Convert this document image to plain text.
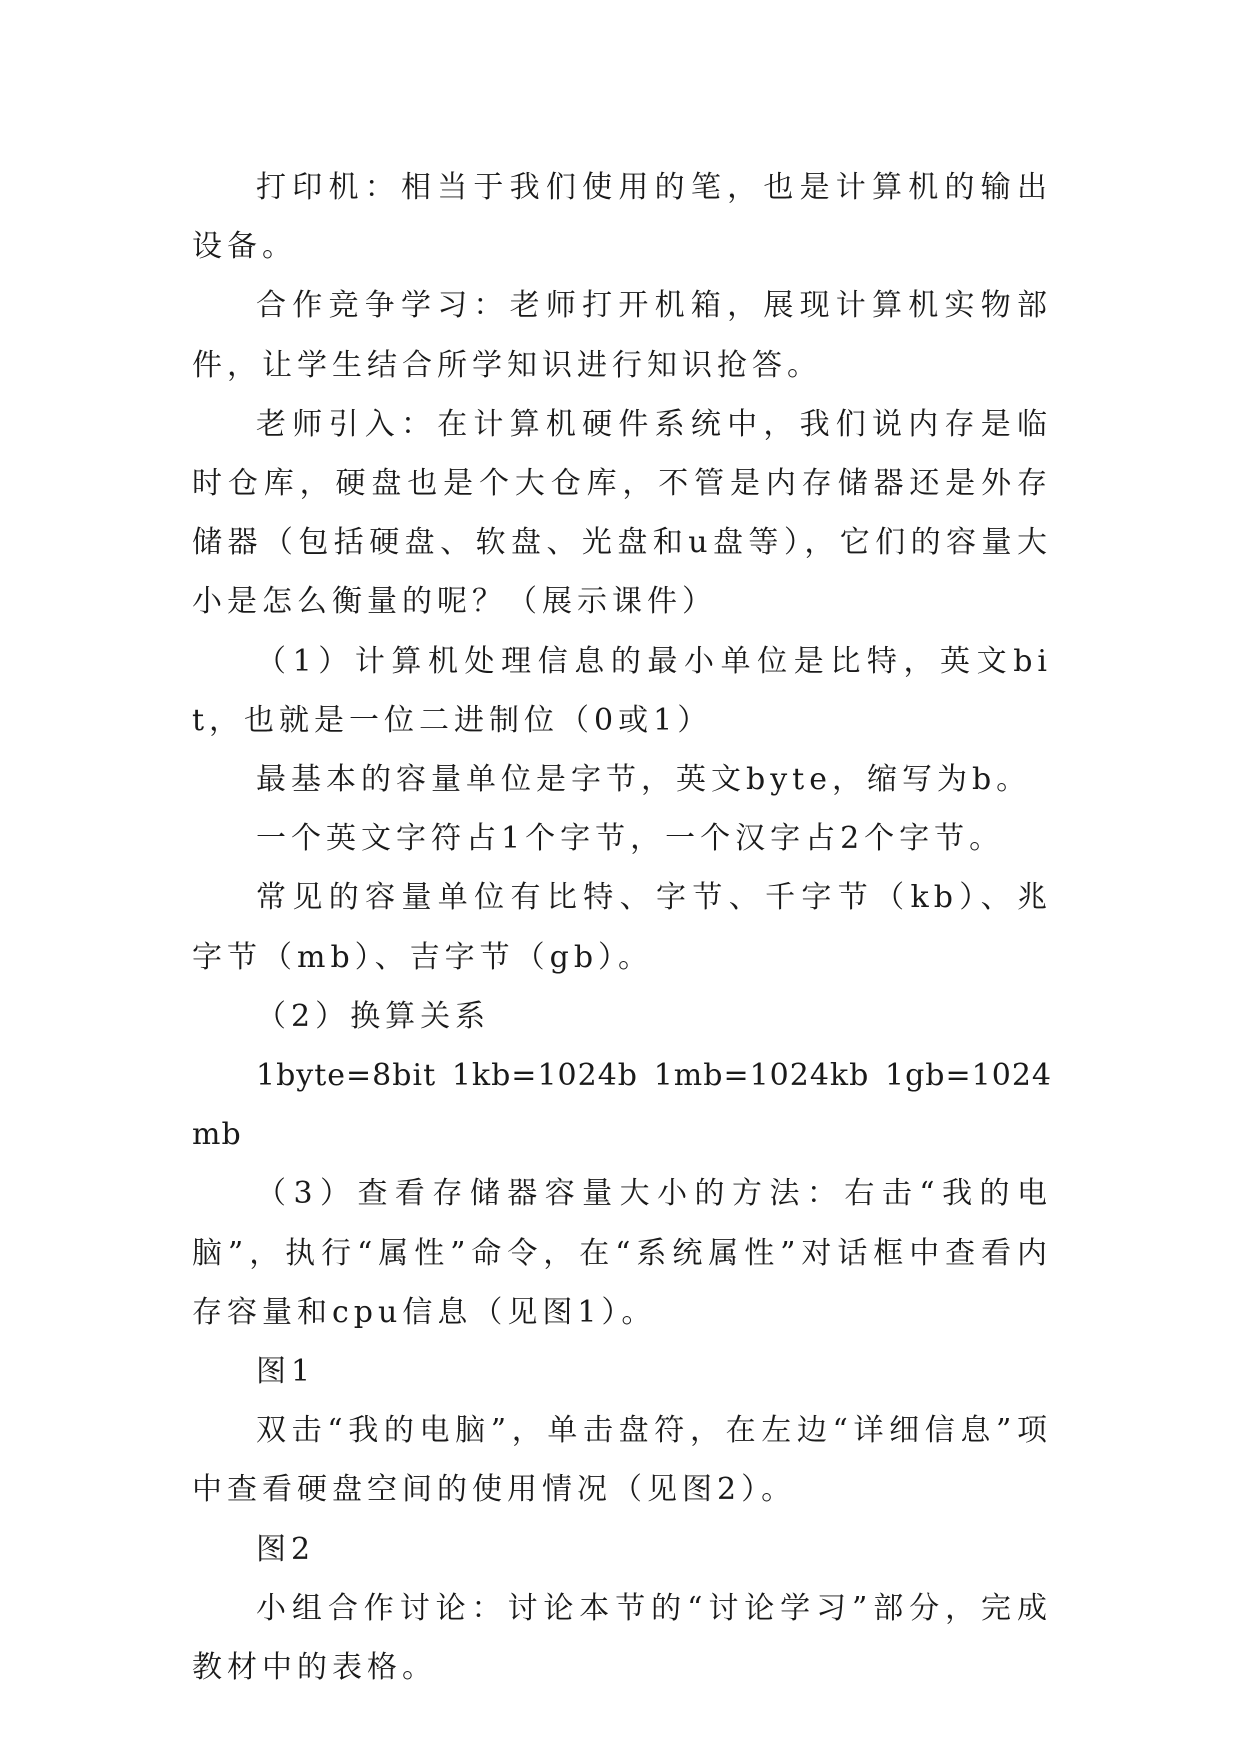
打印机：相当于我们使用的笔，也是计算机的输出设备。

合作竞争学习：老师打开机箱，展现计算机实物部件，让学生结合所学知识进行知识抢答。

老师引入：在计算机硬件系统中，我们说内存是临时仓库，硬盘也是个大仓库，不管是内存储器还是外存储器（包括硬盘、软盘、光盘和u盘等），它们的容量大小是怎么衡量的呢？（展示课件）

（1）计算机处理信息的最小单位是比特，英文bit，也就是一位二进制位（0或1）

最基本的容量单位是字节，英文byte，缩写为b。

一个英文字符占1个字节，一个汉字占2个字节。

常见的容量单位有比特、字节、千字节（kb）、兆字节（mb）、吉字节（gb）。

（2）换算关系

1byte=8bit 1kb=1024b 1mb=1024kb 1gb=1024mb

（3）查看存储器容量大小的方法：右击“我的电脑”，执行“属性”命令，在“系统属性”对话框中查看内存容量和cpu信息（见图1）。

图1

双击“我的电脑”，单击盘符，在左边“详细信息”项中查看硬盘空间的使用情况（见图2）。

图2

小组合作讨论：讨论本节的“讨论学习”部分，完成教材中的表格。
